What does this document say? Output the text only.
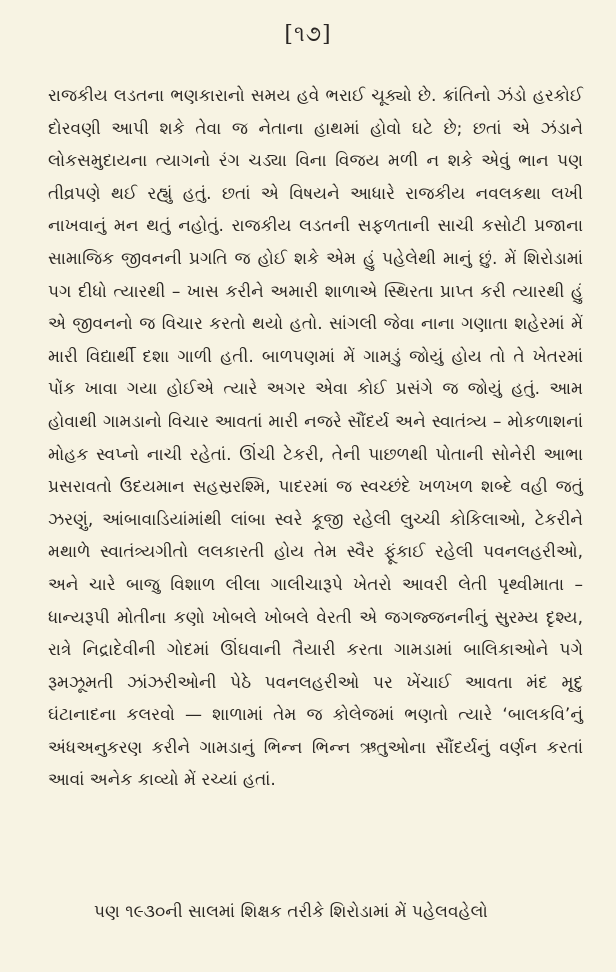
[૧૭]

રાજકીય લડતના ભણકારાનો સમય હવે ભરાઈ ચૂક્યો છે. ક્રાંતિનો ઝંડો હરકોઈ દોરવણી આપી શકે તેવા જ નેતાના હાથમાં હોવો ઘટે છે; છતાં એ ઝંડાને લોકસમુદાયના ત્યાગનો રંગ ચડ્યા વિના વિજય મળી ન શકે એવું ભાન પણ તીવ્રપણે થઈ રહ્યું હતું. છતાં એ વિષયને આધારે રાજકીય નવલકથા લખી નાખવાનું મન થતું નહોતું. રાજકીય લડતની સફળતાની સાચી કસોટી પ્રજાના સામાજિક જીવનની પ્રગતિ જ હોઈ શકે એમ હું પહેલેથી માનું છું. મેં શિરોડામાં પગ દીધો ત્યારથી – ખાસ કરીને અમારી શાળાએ સ્થિરતા પ્રાપ્ત કરી ત્યારથી હું એ જીવનનો જ વિચાર કરતો થયો હતો. સાંગલી જેવા નાના ગણાતા શહેરમાં મેં મારી વિદ્યાર્થી દશા ગાળી હતી. બાળપણમાં મેં ગામડું જોયું હોય તો તે ખેતરમાં પોંક ખાવા ગયા હોઈએ ત્યારે અગર એવા કોઈ પ્રસંગે જ જોયું હતું. આમ હોવાથી ગામડાનો વિચાર આવતાં મારી નજરે સૌંદર્ય અને સ્વાતંત્ર્ય – મોકળાશનાં મોહક સ્વપ્નો નાચી રહેતાં. ઊંચી ટેકરી, તેની પાછળથી પોતાની સોનેરી આભા પ્રસરાવતો ઉદયમાન સહસ્રરશ્મિ, પાદરમાં જ સ્વચ્છંદે ખળખળ શબ્દે વહી જતું ઝરણું, આંબાવાડિયાંમાંથી લાંબા સ્વરે કૂજી રહેલી લુચ્ચી કોકિલાઓ, ટેકરીને મથાળે સ્વાતંત્ર્યગીતો લલકારતી હોય તેમ સ્વૈર ફૂંકાઈ રહેલી પવનલહરીઓ, અને ચારે બાજુ વિશાળ લીલા ગાલીચારૂપે ખેતરો આવરી લેતી પૃથ્વીમાતા – ધાન્યરૂપી મોતીના કણો ખોબલે ખોબલે વેરતી એ જગજ્જનનીનું સુરમ્ય દૃશ્ય, રાત્રે નિદ્રાદેવીની ગોદમાં ઊંઘવાની તૈયારી કરતા ગામડામાં બાલિકાઓને પગે રૂમઝૂમતી ઝાંઝરીઓની પેઠે પવનલહરીઓ પર ખેંચાઈ આવતા મંદ મૃદુ ઘંટાનાદના કલરવો — શાળામાં તેમ જ કોલેજમાં ભણતો ત્યારે ‘બાલકવિ’નું અંધઅનુકરણ કરીને ગામડાનું ભિન્ન ભિન્ન ઋતુઓના સૌંદર્યનું વર્ણન કરતાં આવાં અનેક કાવ્યો મેં રચ્યાં હતાં.

પણ ૧૯૩૦ની સાલમાં શિક્ષક તરીકે શિરોડામાં મેં પહેલવહેલો
